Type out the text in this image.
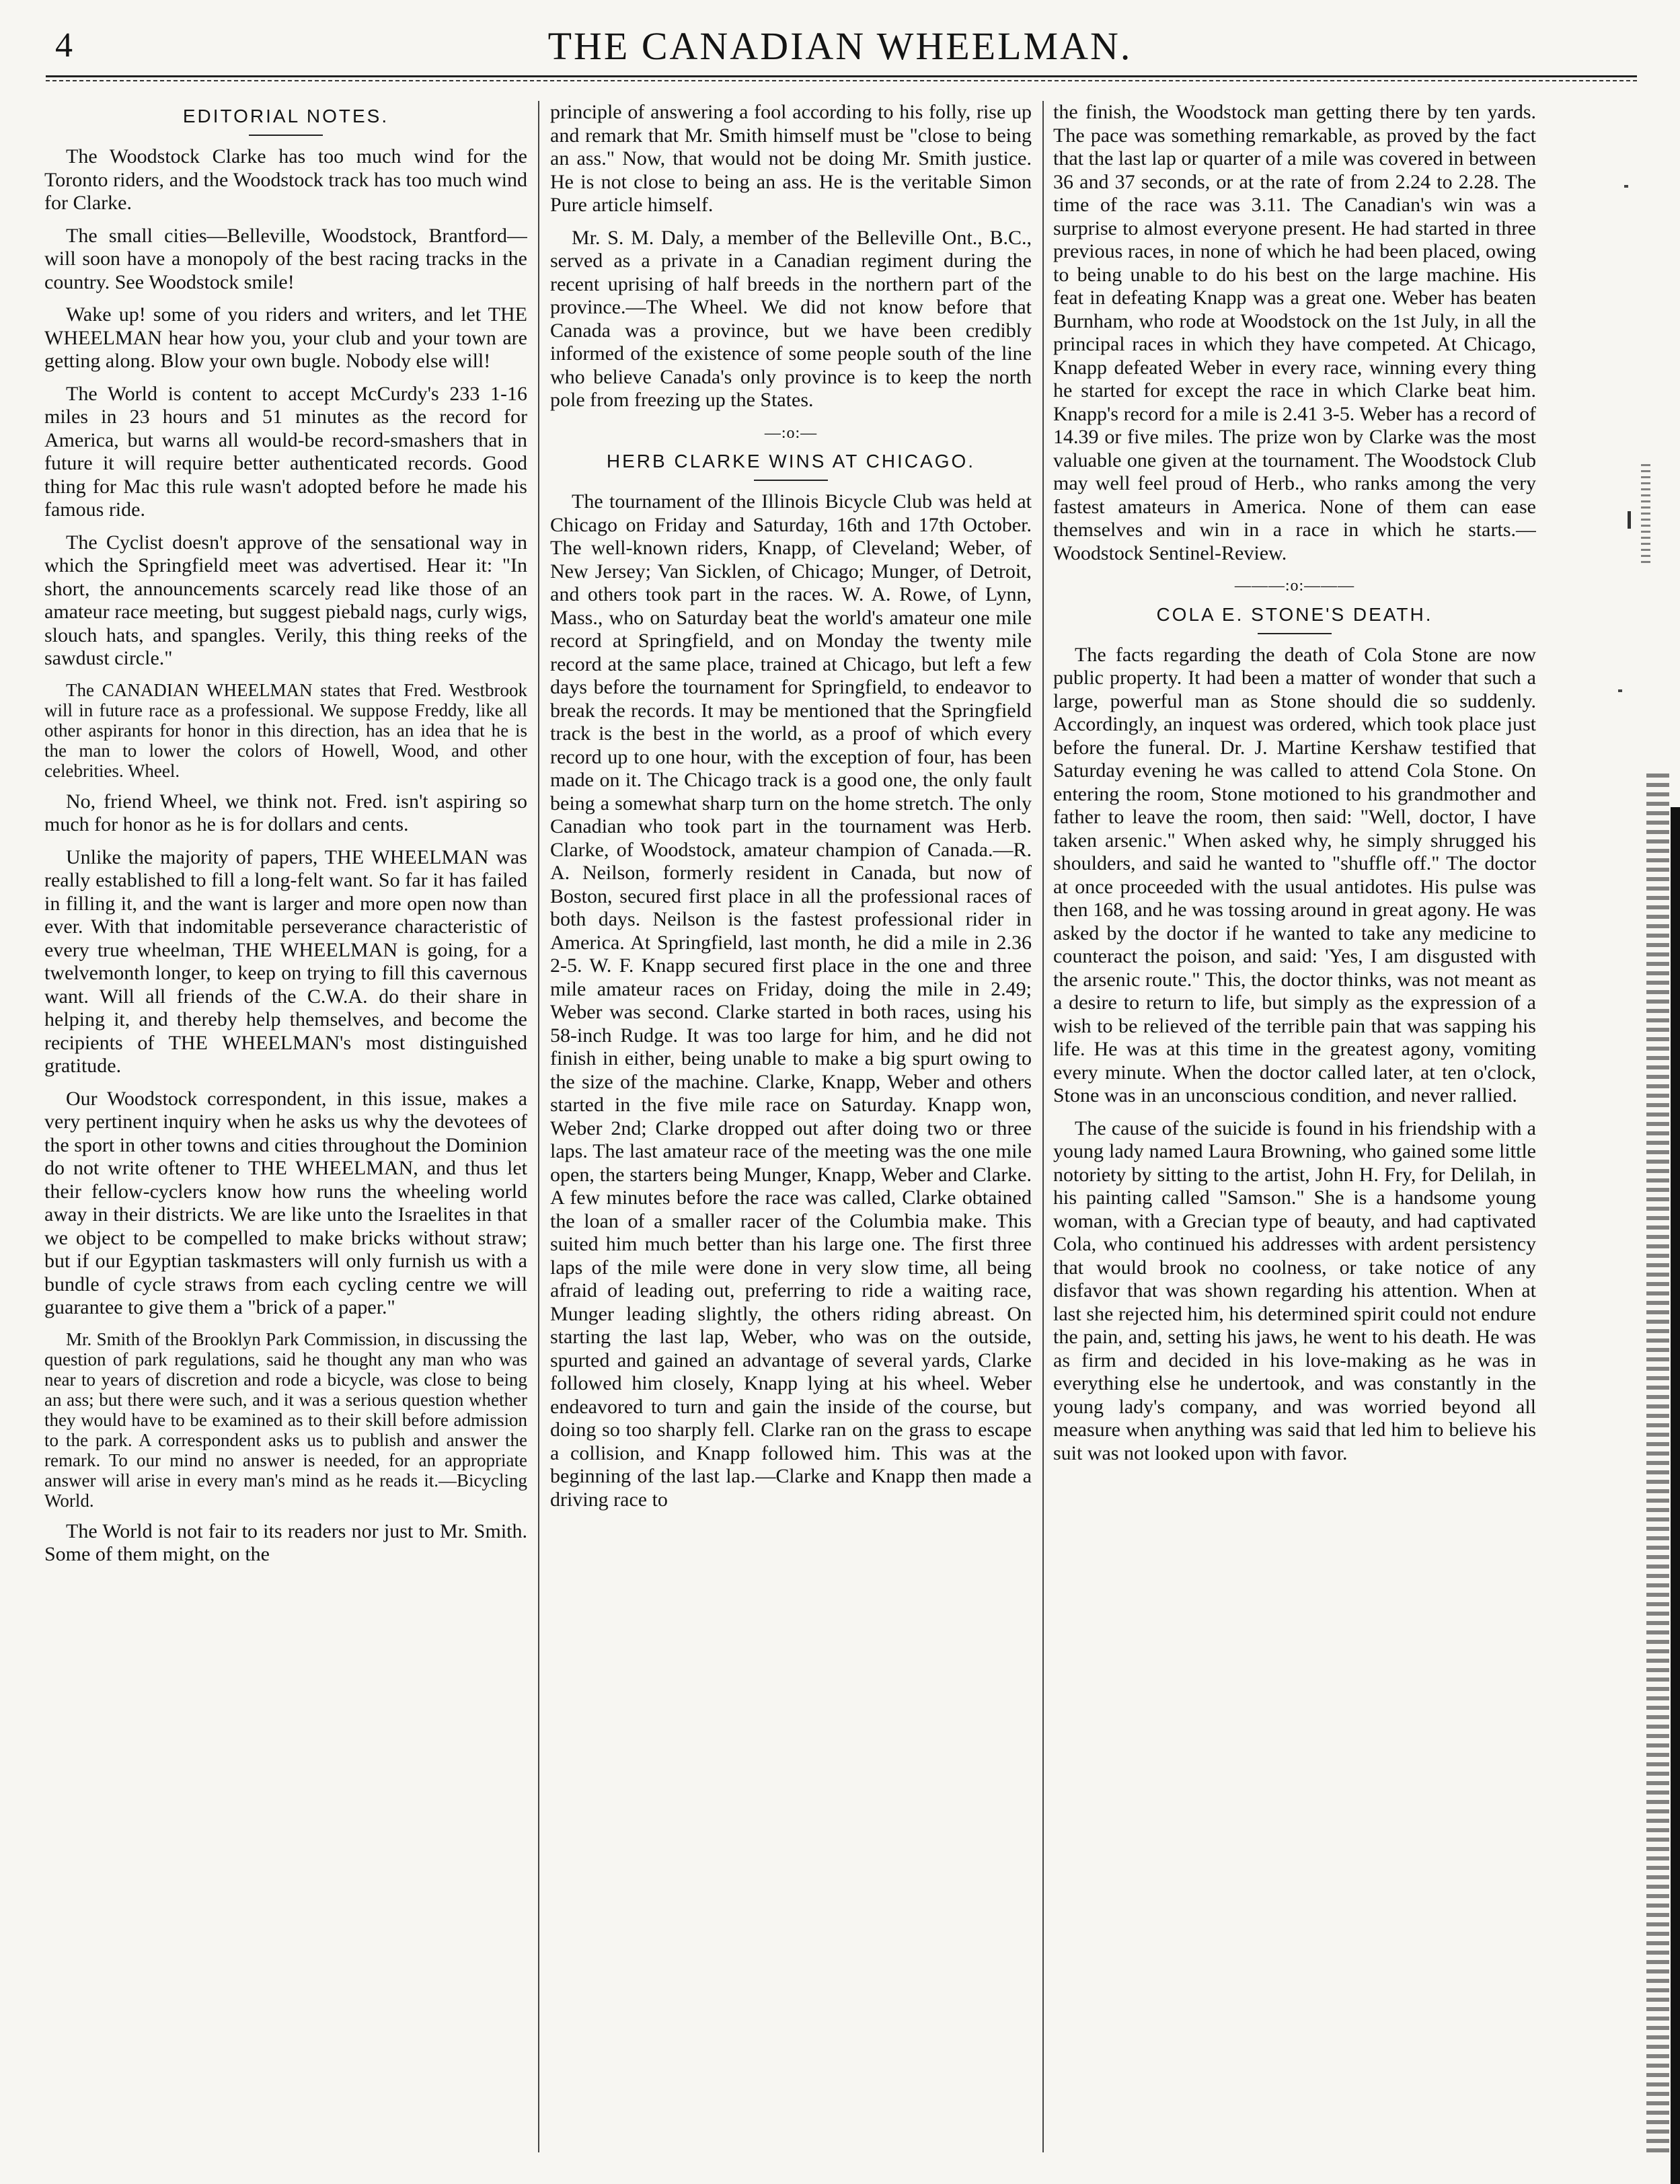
4	THE CANADIAN WHEELMAN.
EDITORIAL NOTES.

The Woodstock Clarke has too much wind for the Toronto riders, and the Woodstock track has too much wind for Clarke.

The small cities—Belleville, Woodstock, Brantford—will soon have a monopoly of the best racing tracks in the country. See Woodstock smile!

Wake up! some of you riders and writers, and let THE WHEELMAN hear how you, your club and your town are getting along. Blow your own bugle. Nobody else will!

The World is content to accept McCurdy's 233 1-16 miles in 23 hours and 51 minutes as the record for America, but warns all would-be record-smashers that in future it will require better authenticated records. Good thing for Mac this rule wasn't adopted before he made his famous ride.

The Cyclist doesn't approve of the sensational way in which the Springfield meet was advertised. Hear it: "In short, the announcements scarcely read like those of an amateur race meeting, but suggest piebald nags, curly wigs, slouch hats, and spangles. Verily, this thing reeks of the sawdust circle."

The CANADIAN WHEELMAN states that Fred. Westbrook will in future race as a professional. We suppose Freddy, like all other aspirants for honor in this direction, has an idea that he is the man to lower the colors of Howell, Wood, and other celebrities. Wheel.

No, friend Wheel, we think not. Fred. isn't aspiring so much for honor as he is for dollars and cents.

Unlike the majority of papers, THE WHEELMAN was really established to fill a long-felt want. So far it has failed in filling it, and the want is larger and more open now than ever. With that indomitable perseverance characteristic of every true wheelman, THE WHEELMAN is going, for a twelvemonth longer, to keep on trying to fill this cavernous want. Will all friends of the C.W.A. do their share in helping it, and thereby help themselves, and become the recipients of THE WHEELMAN's most distinguished gratitude.

Our Woodstock correspondent, in this issue, makes a very pertinent inquiry when he asks us why the devotees of the sport in other towns and cities throughout the Dominion do not write oftener to THE WHEELMAN, and thus let their fellow-cyclers know how runs the wheeling world away in their districts. We are like unto the Israelites in that we object to be compelled to make bricks without straw; but if our Egyptian taskmasters will only furnish us with a bundle of cycle straws from each cycling centre we will guarantee to give them a "brick of a paper."

Mr. Smith of the Brooklyn Park Commission, in discussing the question of park regulations, said he thought any man who was near to years of discretion and rode a bicycle, was close to being an ass; but there were such, and it was a serious question whether they would have to be examined as to their skill before admission to the park. A correspondent asks us to publish and answer the remark. To our mind no answer is needed, for an appropriate answer will arise in every man's mind as he reads it.—Bicycling World.

The World is not fair to its readers nor just to Mr. Smith. Some of them might, on the

principle of answering a fool according to his folly, rise up and remark that Mr. Smith himself must be "close to being an ass." Now, that would not be doing Mr. Smith justice. He is not close to being an ass. He is the veritable Simon Pure article himself.

Mr. S. M. Daly, a member of the Belleville Ont., B.C., served as a private in a Canadian regiment during the recent uprising of half breeds in the northern part of the province.—The Wheel. We did not know before that Canada was a province, but we have been credibly informed of the existence of some people south of the line who believe Canada's only province is to keep the north pole from freezing up the States.

—:o:—
HERB CLARKE WINS AT CHICAGO.

The tournament of the Illinois Bicycle Club was held at Chicago on Friday and Saturday, 16th and 17th October. The well-known riders, Knapp, of Cleveland; Weber, of New Jersey; Van Sicklen, of Chicago; Munger, of Detroit, and others took part in the races. W. A. Rowe, of Lynn, Mass., who on Saturday beat the world's amateur one mile record at Springfield, and on Monday the twenty mile record at the same place, trained at Chicago, but left a few days before the tournament for Springfield, to endeavor to break the records. It may be mentioned that the Springfield track is the best in the world, as a proof of which every record up to one hour, with the exception of four, has been made on it. The Chicago track is a good one, the only fault being a somewhat sharp turn on the home stretch. The only Canadian who took part in the tournament was Herb. Clarke, of Woodstock, amateur champion of Canada.—R. A. Neilson, formerly resident in Canada, but now of Boston, secured first place in all the professional races of both days. Neilson is the fastest professional rider in America. At Springfield, last month, he did a mile in 2.36 2-5. W. F. Knapp secured first place in the one and three mile amateur races on Friday, doing the mile in 2.49; Weber was second. Clarke started in both races, using his 58-inch Rudge. It was too large for him, and he did not finish in either, being unable to make a big spurt owing to the size of the machine. Clarke, Knapp, Weber and others started in the five mile race on Saturday. Knapp won, Weber 2nd; Clarke dropped out after doing two or three laps. The last amateur race of the meeting was the one mile open, the starters being Munger, Knapp, Weber and Clarke. A few minutes before the race was called, Clarke obtained the loan of a smaller racer of the Columbia make. This suited him much better than his large one. The first three laps of the mile were done in very slow time, all being afraid of leading out, preferring to ride a waiting race, Munger leading slightly, the others riding abreast. On starting the last lap, Weber, who was on the outside, spurted and gained an advantage of several yards, Clarke followed him closely, Knapp lying at his wheel. Weber endeavored to turn and gain the inside of the course, but doing so too sharply fell. Clarke ran on the grass to escape a collision, and Knapp followed him. This was at the beginning of the last lap.—Clarke and Knapp then made a driving race to

the finish, the Woodstock man getting there by ten yards. The pace was something remarkable, as proved by the fact that the last lap or quarter of a mile was covered in between 36 and 37 seconds, or at the rate of from 2.24 to 2.28. The time of the race was 3.11. The Canadian's win was a surprise to almost everyone present. He had started in three previous races, in none of which he had been placed, owing to being unable to do his best on the large machine. His feat in defeating Knapp was a great one. Weber has beaten Burnham, who rode at Woodstock on the 1st July, in all the principal races in which they have competed. At Chicago, Knapp defeated Weber in every race, winning every thing he started for except the race in which Clarke beat him. Knapp's record for a mile is 2.41 3-5. Weber has a record of 14.39 or five miles. The prize won by Clarke was the most valuable one given at the tournament. The Woodstock Club may well feel proud of Herb., who ranks among the very fastest amateurs in America. None of them can ease themselves and win in a race in which he starts.—Woodstock Sentinel-Review.

———:o:———
COLA E. STONE'S DEATH.

The facts regarding the death of Cola Stone are now public property. It had been a matter of wonder that such a large, powerful man as Stone should die so suddenly. Accordingly, an inquest was ordered, which took place just before the funeral. Dr. J. Martine Kershaw testified that Saturday evening he was called to attend Cola Stone. On entering the room, Stone motioned to his grandmother and father to leave the room, then said: "Well, doctor, I have taken arsenic." When asked why, he simply shrugged his shoulders, and said he wanted to "shuffle off." The doctor at once proceeded with the usual antidotes. His pulse was then 168, and he was tossing around in great agony. He was asked by the doctor if he wanted to take any medicine to counteract the poison, and said: 'Yes, I am disgusted with the arsenic route." This, the doctor thinks, was not meant as a desire to return to life, but simply as the expression of a wish to be relieved of the terrible pain that was sapping his life. He was at this time in the greatest agony, vomiting every minute. When the doctor called later, at ten o'clock, Stone was in an unconscious condition, and never rallied.

The cause of the suicide is found in his friendship with a young lady named Laura Browning, who gained some little notoriety by sitting to the artist, John H. Fry, for Delilah, in his painting called "Samson." She is a handsome young woman, with a Grecian type of beauty, and had captivated Cola, who continued his addresses with ardent persistency that would brook no coolness, or take notice of any disfavor that was shown regarding his attention. When at last she rejected him, his determined spirit could not endure the pain, and, setting his jaws, he went to his death. He was as firm and decided in his love-making as he was in everything else he undertook, and was constantly in the young lady's company, and was worried beyond all measure when anything was said that led him to believe his suit was not looked upon with favor.
